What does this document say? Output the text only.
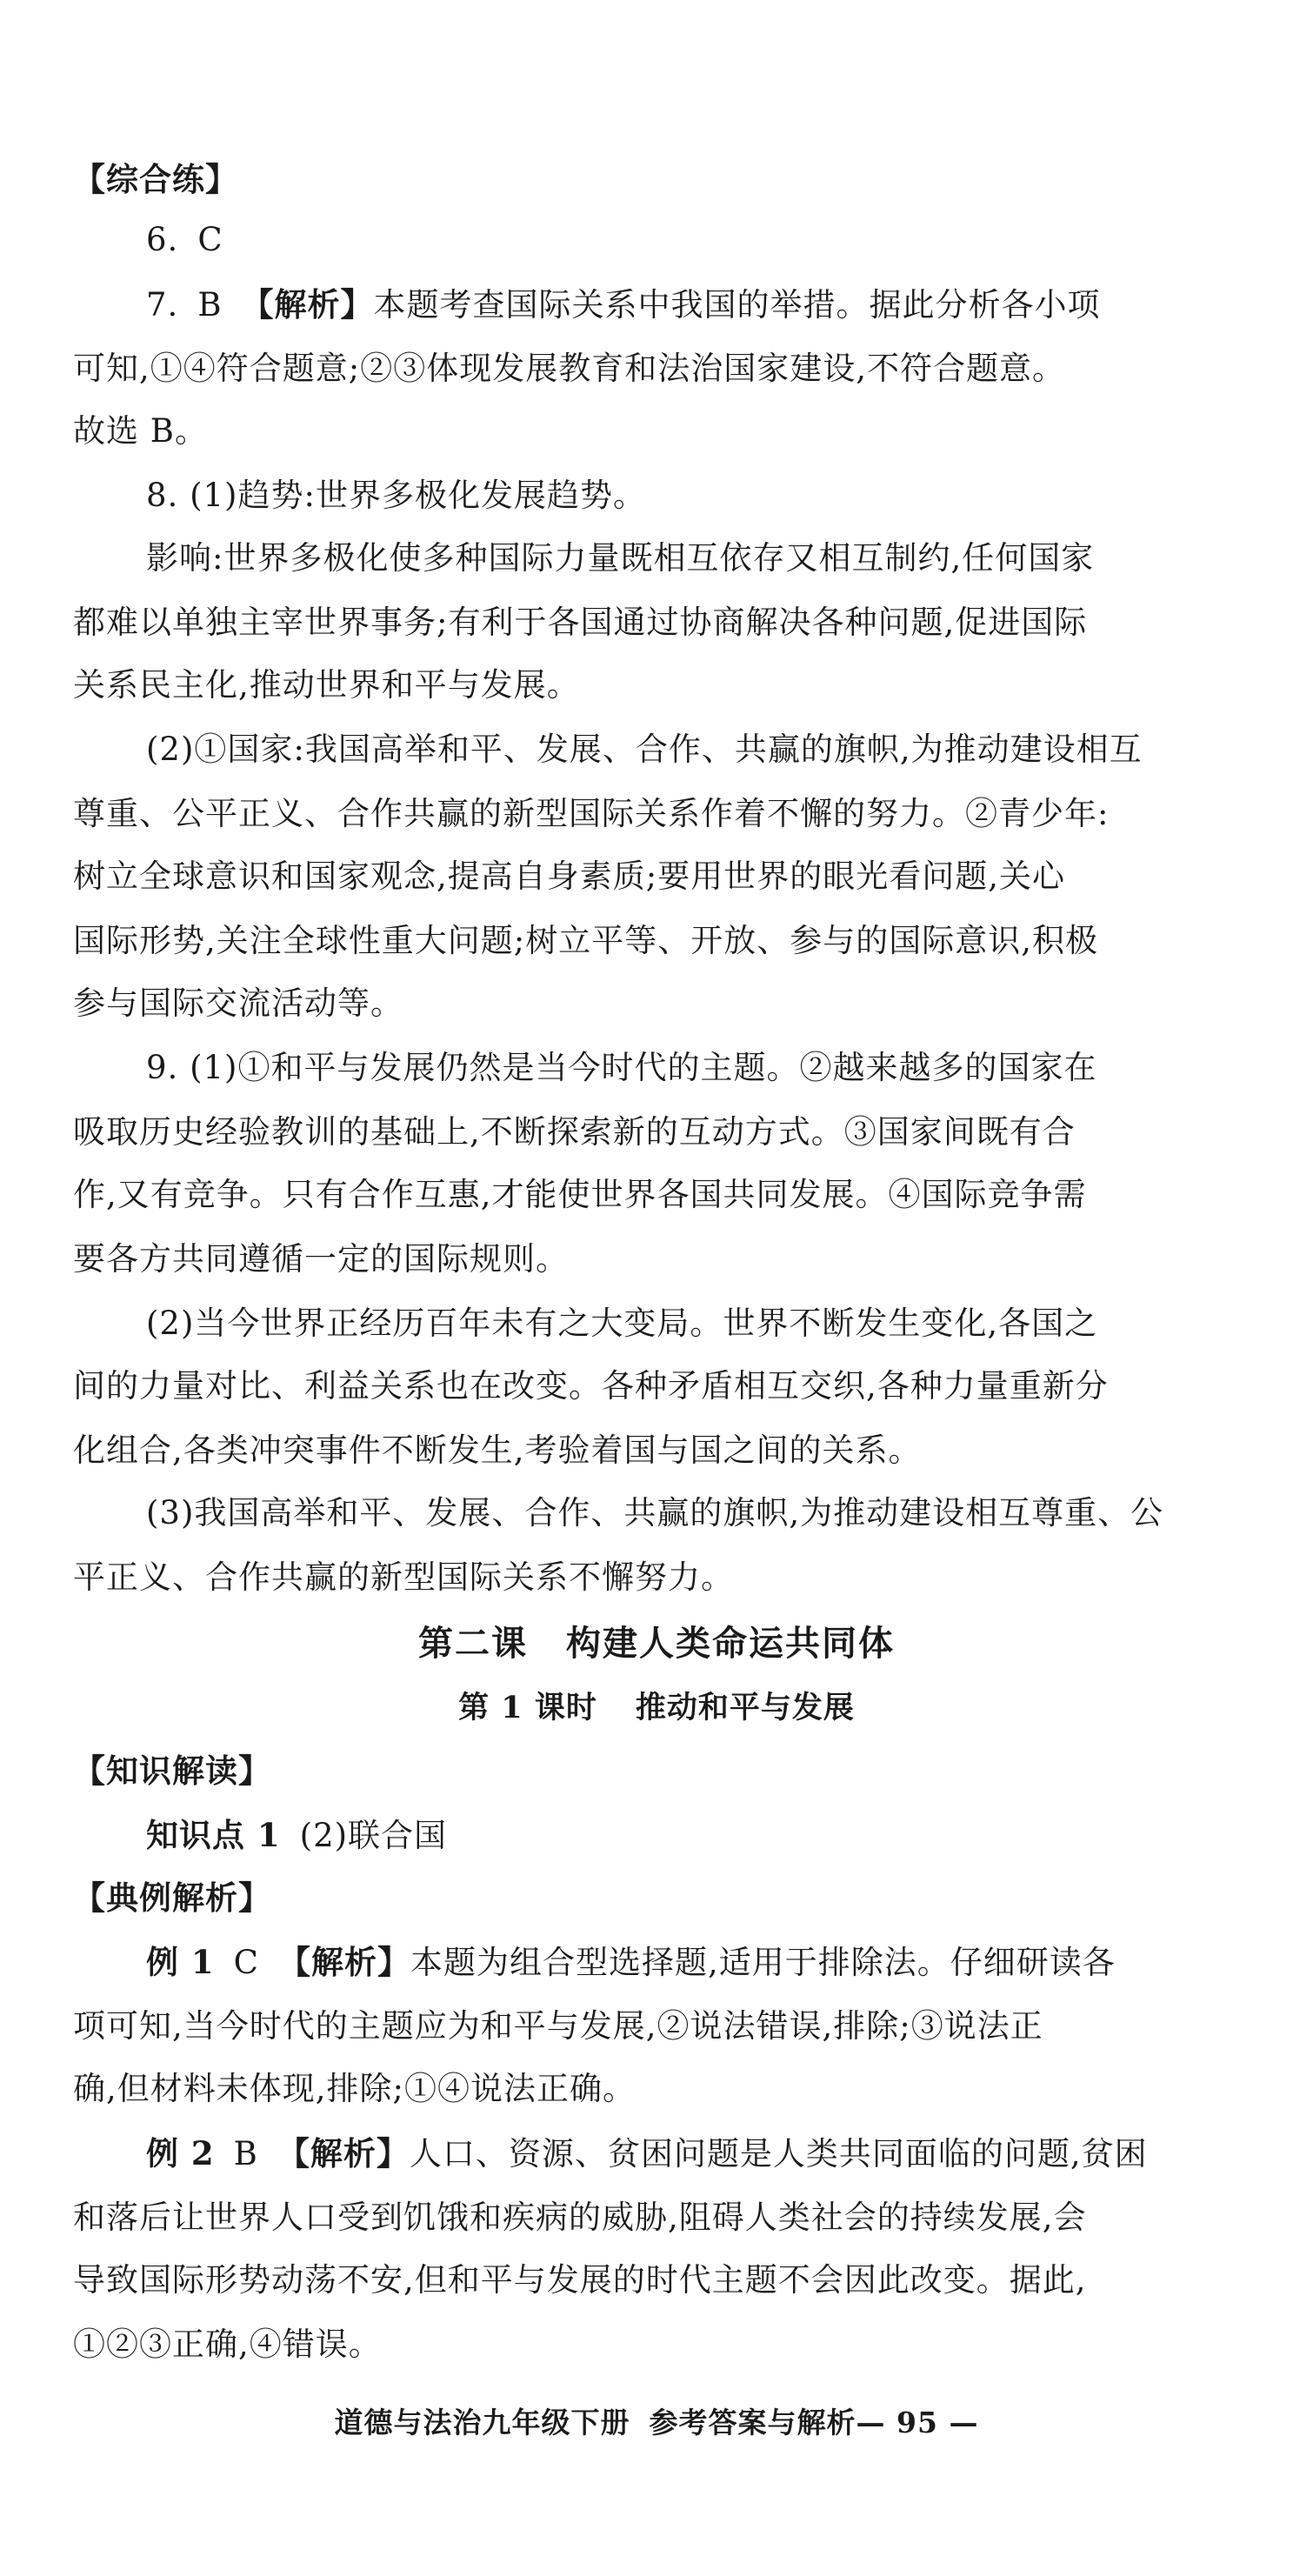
【综合练】
6. C
7. B 【解析】本题考查国际关系中我国的举措。据此分析各小项
可知,①④符合题意;②③体现发展教育和法治国家建设,不符合题意。
故选 B。
8. (1)趋势:世界多极化发展趋势。
影响:世界多极化使多种国际力量既相互依存又相互制约,任何国家
都难以单独主宰世界事务;有利于各国通过协商解决各种问题,促进国际
关系民主化,推动世界和平与发展。
(2)①国家:我国高举和平、发展、合作、共赢的旗帜,为推动建设相互
尊重、公平正义、合作共赢的新型国际关系作着不懈的努力。②青少年:
树立全球意识和国家观念,提高自身素质;要用世界的眼光看问题,关心
国际形势,关注全球性重大问题;树立平等、开放、参与的国际意识,积极
参与国际交流活动等。
9. (1)①和平与发展仍然是当今时代的主题。②越来越多的国家在
吸取历史经验教训的基础上,不断探索新的互动方式。③国家间既有合
作,又有竞争。只有合作互惠,才能使世界各国共同发展。④国际竞争需
要各方共同遵循一定的国际规则。
(2)当今世界正经历百年未有之大变局。世界不断发生变化,各国之
间的力量对比、利益关系也在改变。各种矛盾相互交织,各种力量重新分
化组合,各类冲突事件不断发生,考验着国与国之间的关系。
(3)我国高举和平、发展、合作、共赢的旗帜,为推动建设相互尊重、公
平正义、合作共赢的新型国际关系不懈努力。
第二课 构建人类命运共同体
第 1 课时 推动和平与发展
【知识解读】
知识点 1 (2)联合国
【典例解析】
例 1 C 【解析】本题为组合型选择题,适用于排除法。仔细研读各
项可知,当今时代的主题应为和平与发展,②说法错误,排除;③说法正
确,但材料未体现,排除;①④说法正确。
例 2 B 【解析】人口、资源、贫困问题是人类共同面临的问题,贫困
和落后让世界人口受到饥饿和疾病的威胁,阻碍人类社会的持续发展,会
导致国际形势动荡不安,但和平与发展的时代主题不会因此改变。据此,
①②③正确,④错误。
道德与法治九年级下册 参考答案与解析— 95 —
